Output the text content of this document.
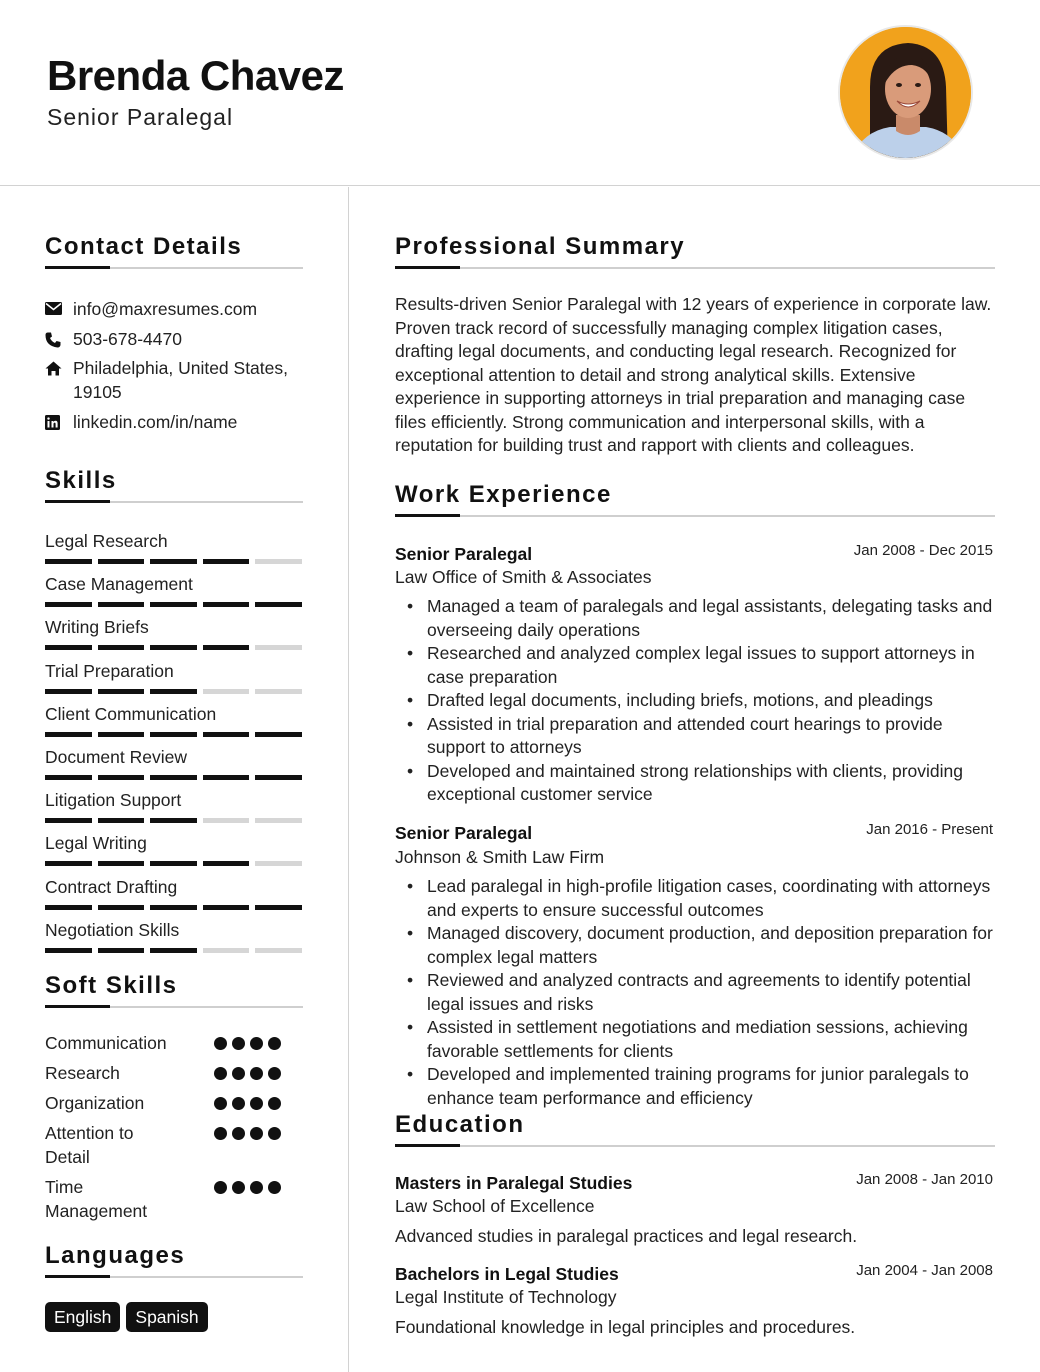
Brenda Chavez
Senior Paralegal
Contact Details
info@maxresumes.com
503-678-4470
Philadelphia, United States,
19105
linkedin.com/in/name
Skills
Legal Research
Case Management
Writing Briefs
Trial Preparation
Client Communication
Document Review
Litigation Support
Legal Writing
Contract Drafting
Negotiation Skills
Soft Skills
Communication
Research
Organization
Attention to
Detail
Time
Management
Languages
English	Spanish
Professional Summary
Results-driven Senior Paralegal with 12 years of experience in corporate law. Proven track record of successfully managing complex litigation cases, drafting legal documents, and conducting legal research. Recognized for exceptional attention to detail and strong analytical skills. Extensive experience in supporting attorneys in trial preparation and managing case files efficiently. Strong communication and interpersonal skills, with a reputation for building trust and rapport with clients and colleagues.
Work Experience
Senior Paralegal	Jan 2008 - Dec 2015
Law Office of Smith & Associates
• Managed a team of paralegals and legal assistants, delegating tasks and overseeing daily operations
• Researched and analyzed complex legal issues to support attorneys in case preparation
• Drafted legal documents, including briefs, motions, and pleadings
• Assisted in trial preparation and attended court hearings to provide support to attorneys
• Developed and maintained strong relationships with clients, providing exceptional customer service
Senior Paralegal	Jan 2016 - Present
Johnson & Smith Law Firm
• Lead paralegal in high-profile litigation cases, coordinating with attorneys and experts to ensure successful outcomes
• Managed discovery, document production, and deposition preparation for complex legal matters
• Reviewed and analyzed contracts and agreements to identify potential legal issues and risks
• Assisted in settlement negotiations and mediation sessions, achieving favorable settlements for clients
• Developed and implemented training programs for junior paralegals to enhance team performance and efficiency
Education
Masters in Paralegal Studies	Jan 2008 - Jan 2010
Law School of Excellence
Advanced studies in paralegal practices and legal research.
Bachelors in Legal Studies	Jan 2004 - Jan 2008
Legal Institute of Technology
Foundational knowledge in legal principles and procedures.
